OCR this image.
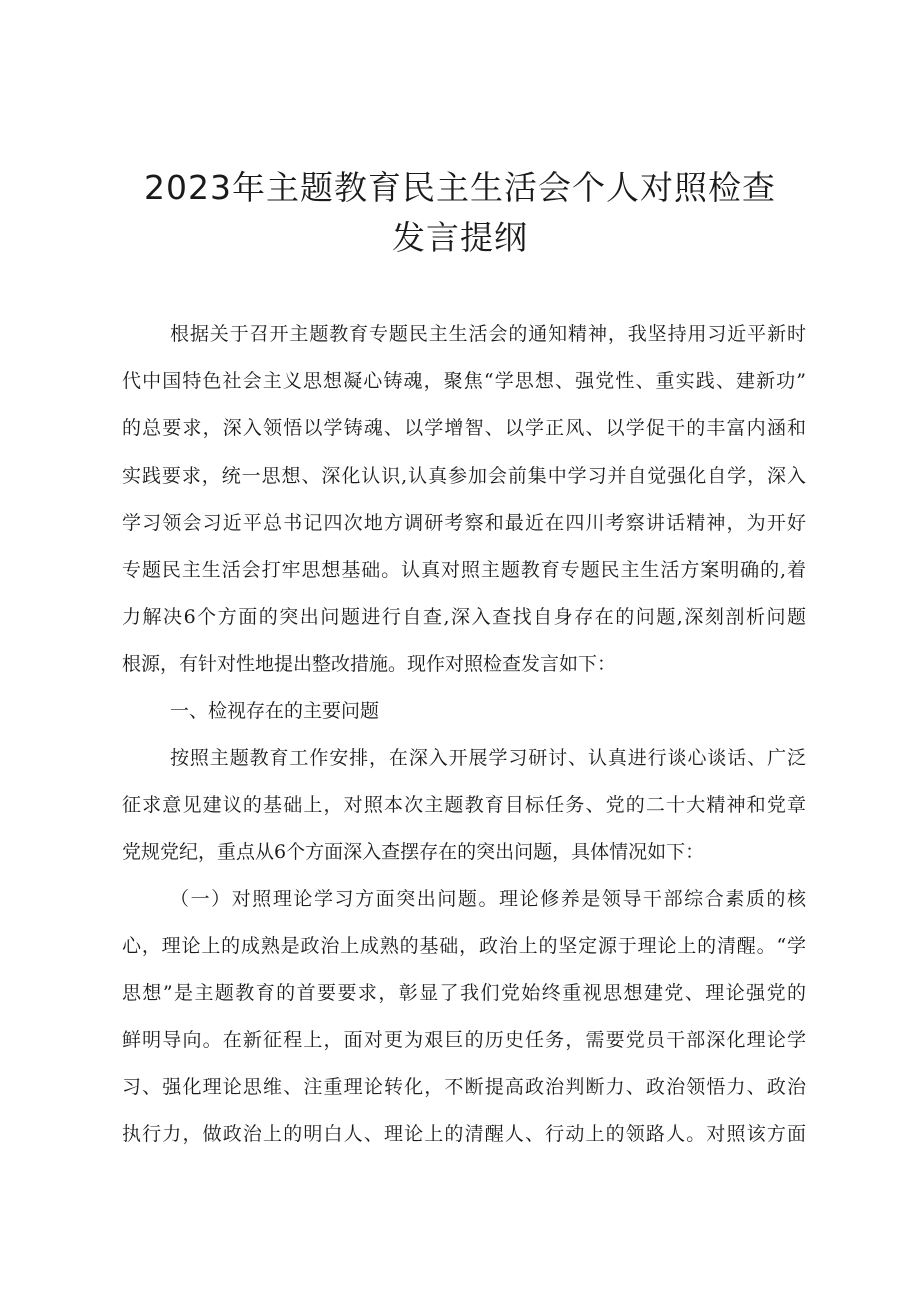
2023年主题教育民主生活会个人对照检查
发言提纲

根据关于召开主题教育专题民主生活会的通知精神，我坚持用习近平新时

代中国特色社会主义思想凝心铸魂，聚焦“学思想、强党性、重实践、建新功”

的总要求，深入领悟以学铸魂、以学增智、以学正风、以学促干的丰富内涵和

实践要求，统一思想、深化认识,认真参加会前集中学习并自觉强化自学，深入

学习领会习近平总书记四次地方调研考察和最近在四川考察讲话精神，为开好

专题民主生活会打牢思想基础。认真对照主题教育专题民主生活方案明确的,着

力解决6个方面的突出问题进行自查,深入查找自身存在的问题,深刻剖析问题

根源，有针对性地提出整改措施。现作对照检查发言如下：

一、检视存在的主要问题

按照主题教育工作安排，在深入开展学习研讨、认真进行谈心谈话、广泛

征求意见建议的基础上，对照本次主题教育目标任务、党的二十大精神和党章

党规党纪，重点从6个方面深入查摆存在的突出问题，具体情况如下：

（一）对照理论学习方面突出问题。理论修养是领导干部综合素质的核

心，理论上的成熟是政治上成熟的基础，政治上的坚定源于理论上的清醒。“学

思想”是主题教育的首要要求，彰显了我们党始终重视思想建党、理论强党的

鲜明导向。在新征程上，面对更为艰巨的历史任务，需要党员干部深化理论学

习、强化理论思维、注重理论转化，不断提高政治判断力、政治领悟力、政治

执行力，做政治上的明白人、理论上的清醒人、行动上的领路人。对照该方面
